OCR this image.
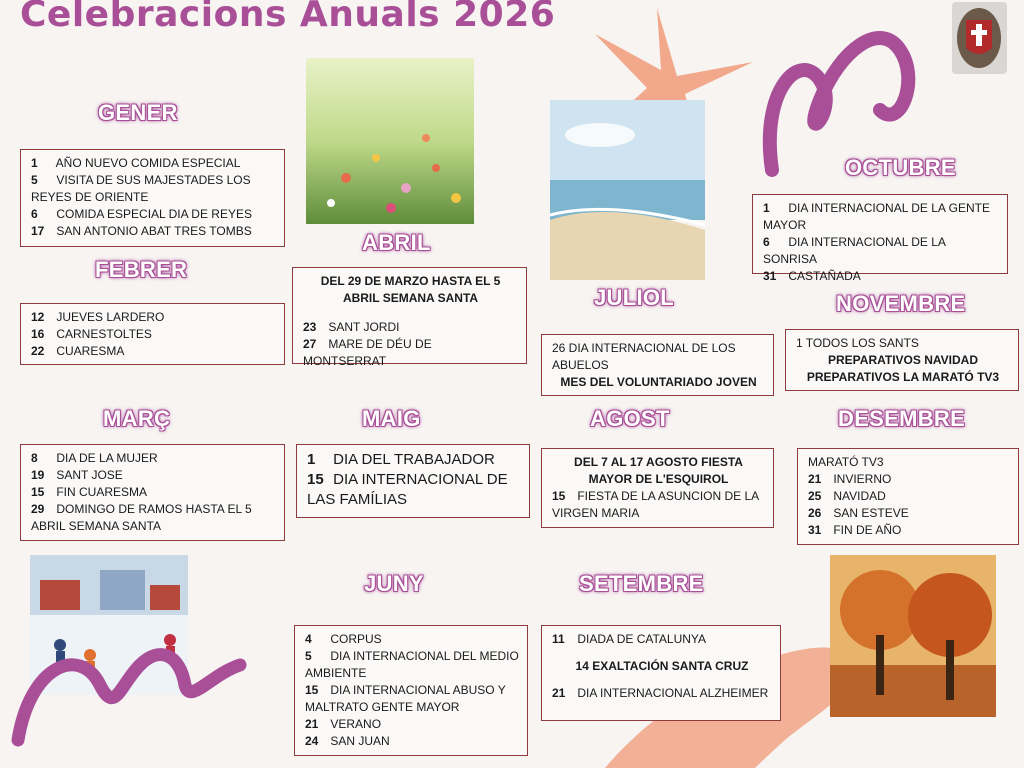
Celebracions Anuals 2026
GENER
1 AÑO NUEVO COMIDA ESPECIAL
5 VISITA DE SUS MAJESTADES LOS
REYES DE ORIENTE
6 COMIDA ESPECIAL DIA DE REYES
17 SAN ANTONIO ABAT TRES TOMBS
FEBRER
12 JUEVES LARDERO
16 CARNESTOLTES
22 CUARESMA
MARÇ
8 DIA DE LA MUJER
19 SANT JOSE
15 FIN CUARESMA
29 DOMINGO DE RAMOS HASTA EL 5
ABRIL SEMANA SANTA
ABRIL
DEL 29 DE MARZO HASTA EL 5
ABRIL SEMANA SANTA
23 SANT JORDI
27 MARE DE DÉU DE MONTSERRAT
MAIG
1 DIA DEL TRABAJADOR
15 DIA INTERNACIONAL DE
LAS FAMÍLIAS
JUNY
4 CORPUS
5 DIA INTERNACIONAL DEL MEDIO
AMBIENTE
15 DIA INTERNACIONAL ABUSO Y
MALTRATO GENTE MAYOR
21 VERANO
24 SAN JUAN
JULIOL
26 DIA INTERNACIONAL DE LOS
ABUELOS
MES DEL VOLUNTARIADO JOVEN
AGOST
DEL 7 AL 17 AGOSTO FIESTA
MAYOR DE L'ESQUIROL
15 FIESTA DE LA ASUNCION DE LA
VIRGEN MARIA
SETEMBRE
11 DIADA DE CATALUNYA
14 EXALTACIÓN SANTA CRUZ
21 DIA INTERNACIONAL ALZHEIMER
OCTUBRE
1 DIA INTERNACIONAL DE LA GENTE
MAYOR
6 DIA INTERNACIONAL DE LA SONRISA
31 CASTAÑADA
NOVEMBRE
1 TODOS LOS SANTS
PREPARATIVOS NAVIDAD
PREPARATIVOS LA MARATÓ TV3
DESEMBRE
MARATÓ TV3
21 INVIERNO
25 NAVIDAD
26 SAN ESTEVE
31 FIN DE AÑO
